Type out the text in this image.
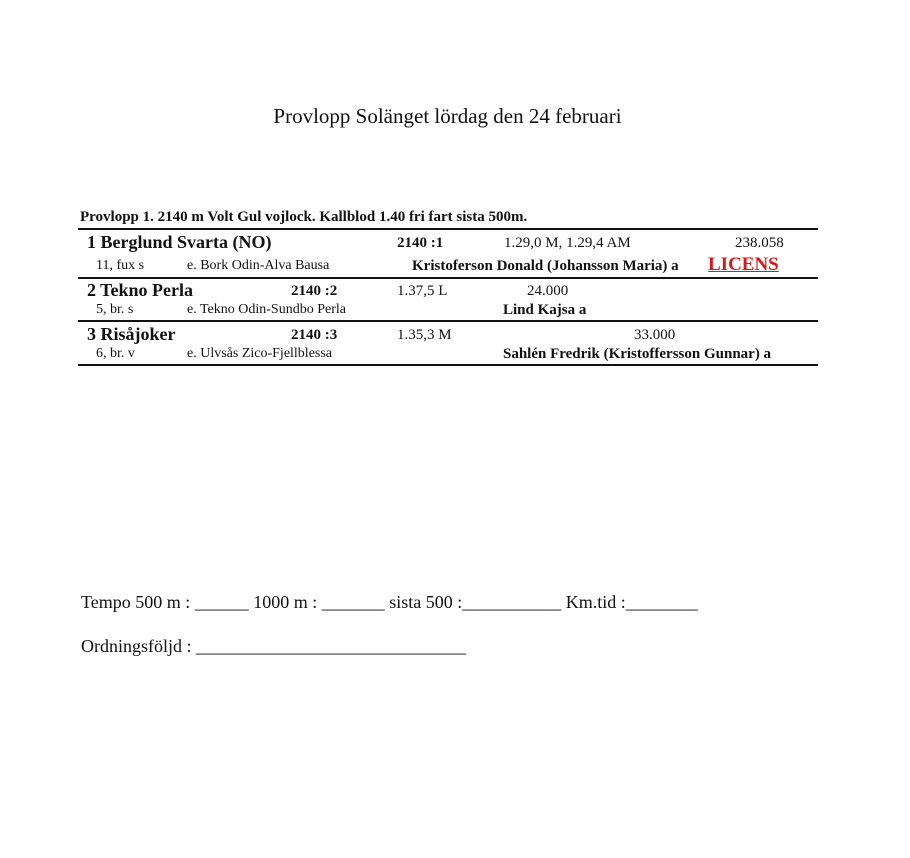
Provlopp Solänget lördag den 24 februari
Provlopp 1. 2140 m Volt Gul vojlock. Kallblod 1.40 fri fart sista 500m.
1 Berglund Svarta (NO)	2140 :1	1.29,0 M, 1.29,4 AM	238.058
11, fux s	e. Bork Odin-Alva Bausa	Kristoferson Donald (Johansson Maria) a LICENS
2 Tekno Perla	2140 :2	1.37,5 L	24.000
5, br. s	e. Tekno Odin-Sundbo Perla	Lind Kajsa a
3 Risåjoker	2140 :3	1.35,3 M	33.000
6, br. v	e. Ulvsås Zico-Fjellblessa	Sahlén Fredrik (Kristoffersson Gunnar) a
Tempo 500 m : ______ 1000 m : _______ sista 500 :___________ Km.tid :________
Ordningsföljd : ______________________________
